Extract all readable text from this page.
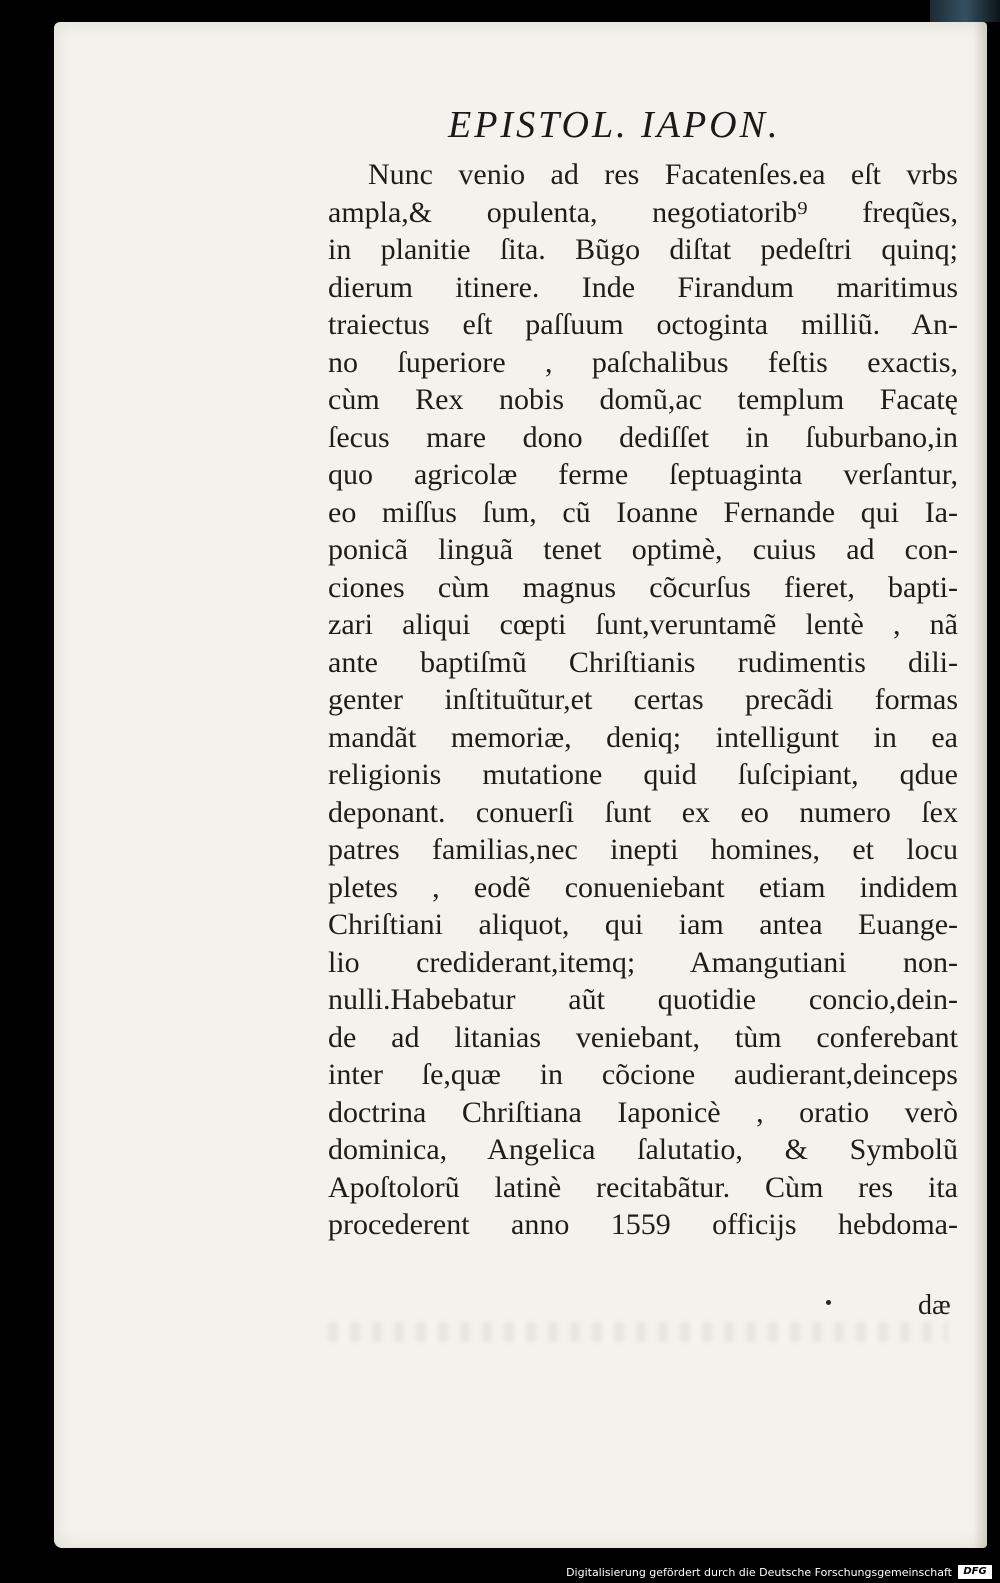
EPISTOL. IAPON.
Nunc venio ad res Facatenſes.ea eſt vrbs
ampla,& opulenta, negotiatorib⁹ freqũes,
in planitie ſita. Bũgo diſtat pedeſtri quinq;
dierum itinere. Inde Firandum maritimus
traiectus eſt paſſuum octoginta milliũ. An-
no ſuperiore , paſchalibus feſtis exactis,
cùm Rex nobis domũ,ac templum Facatę
ſecus mare dono dediſſet in ſuburbano,in
quo agricolæ ferme ſeptuaginta verſantur,
eo miſſus ſum, cũ Ioanne Fernande qui Ia-
ponicã linguã tenet optimè, cuius ad con-
ciones cùm magnus cõcurſus fieret, bapti-
zari aliqui cœpti ſunt,veruntamẽ lentè , nã
ante baptiſmũ Chriſtianis rudimentis dili-
genter inſtituũtur,et certas precãdi formas
mandãt memoriæ, deniq; intelligunt in ea
religionis mutatione quid ſuſcipiant, qdue
deponant. conuerſi ſunt ex eo numero ſex
patres familias,nec inepti homines, et locu
pletes , eodẽ conueniebant etiam indidem
Chriſtiani aliquot, qui iam antea Euange-
lio crediderant,itemq; Amangutiani non-
nulli.Habebatur aũt quotidie concio,dein-
de ad litanias veniebant, tùm conferebant
inter ſe,quæ in cõcione audierant,deinceps
doctrina Chriſtiana Iaponicè , oratio verò
dominica, Angelica ſalutatio, & Symbolũ
Apoſtolorũ latinè recitabãtur. Cùm res ita
procederent anno 1559 officijs hebdoma-
dæ
Digitalisierung gefördert durch die Deutsche Forschungsgemeinschaft	DFG
